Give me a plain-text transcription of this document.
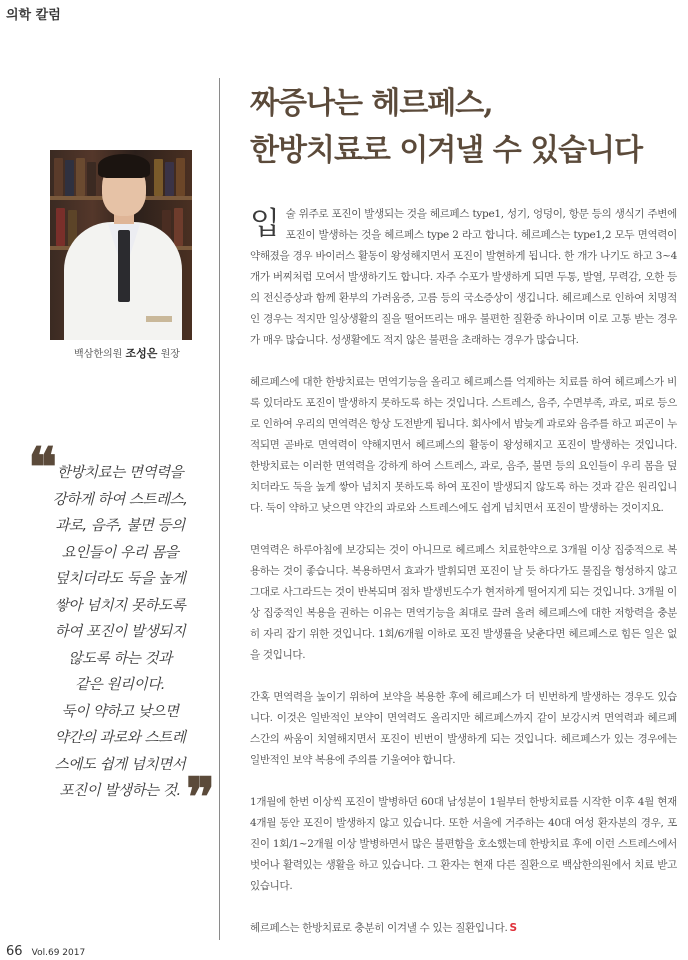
의학 칼럼
짜증나는 헤르페스,
한방치료로 이겨낼 수 있습니다
백삼한의원 조성은 원장
❝ 한방치료는 면역력을
강하게 하여 스트레스,
과로, 음주, 불면 등의
요인들이 우리 몸을
덮치더라도 둑을 높게
쌓아 넘치지 못하도록
하여 포진이 발생되지
않도록 하는 것과
같은 원리이다.
둑이 약하고 낮으면
약간의 과로와 스트레
스에도 쉽게 넘치면서
포진이 발생하는 것. ❞

입술 위주로 포진이 발생되는 것을 헤르페스 type1, 성기, 엉덩이, 항문 등의 생식기 주변에 포진이 발생하는 것을 헤르페스 type 2 라고 합니다. 헤르페스는 type1,2 모두 면역력이 약해졌을 경우 바이러스 활동이 왕성해지면서 포진이 발현하게 됩니다. 한 개가 나기도 하고 3~4개가 버찌처럼 모여서 발생하기도 합니다. 자주 수포가 발생하게 되면 두통, 발열, 무력감, 오한 등의 전신증상과 함께 환부의 가려움증, 고름 등의 국소증상이 생깁니다. 헤르페스로 인하여 치명적인 경우는 적지만 일상생활의 질을 떨어뜨리는 매우 불편한 질환중 하나이며 이로 고통 받는 경우가 매우 많습니다. 성생활에도 적지 않은 불편을 초래하는 경우가 많습니다.

헤르페스에 대한 한방치료는 면역기능을 올리고 헤르페스를 억제하는 치료를 하여 헤르페스가 비록 있더라도 포진이 발생하지 못하도록 하는 것입니다. 스트레스, 음주, 수면부족, 과로, 피로 등으로 인하여 우리의 면역력은 항상 도전받게 됩니다. 회사에서 밤늦게 과로와 음주를 하고 피곤이 누적되면 곧바로 면역력이 약해지면서 헤르페스의 활동이 왕성해지고 포진이 발생하는 것입니다. 한방치료는 이러한 면역력을 강하게 하여 스트레스, 과로, 음주, 불면 등의 요인들이 우리 몸을 덮치더라도 둑을 높게 쌓아 넘치지 못하도록 하여 포진이 발생되지 않도록 하는 것과 같은 원리입니다. 둑이 약하고 낮으면 약간의 과로와 스트레스에도 쉽게 넘치면서 포진이 발생하는 것이지요.

면역력은 하루아침에 보강되는 것이 아니므로 헤르페스 치료한약으로 3개월 이상 집중적으로 복용하는 것이 좋습니다. 복용하면서 효과가 발휘되면 포진이 날 듯 하다가도 물집을 형성하지 않고 그대로 사그라드는 것이 반복되며 점차 발생빈도수가 현저하게 떨어지게 되는 것입니다. 3개월 이상 집중적인 복용을 권하는 이유는 면역기능을 최대로 끌려 올려 헤르페스에 대한 저항력을 충분히 자리 잡기 위한 것입니다. 1회/6개월 이하로 포진 발생률을 낮춘다면 헤르페스로 힘든 일은 없을 것입니다.

간혹 면역력을 높이기 위하여 보약을 복용한 후에 헤르페스가 더 빈번하게 발생하는 경우도 있습니다. 이것은 일반적인 보약이 면역력도 올리지만 헤르페스까지 같이 보강시켜 면역력과 헤르페스간의 싸움이 치열해지면서 포진이 빈번이 발생하게 되는 것입니다. 헤르페스가 있는 경우에는 일반적인 보약 복용에 주의를 기울여야 합니다.

1개월에 한번 이상씩 포진이 발병하던 60대 남성분이 1월부터 한방치료를 시작한 이후 4월 현재 4개월 동안 포진이 발생하지 않고 있습니다. 또한 서울에 거주하는 40대 여성 환자분의 경우, 포진이 1회/1~2개월 이상 발병하면서 많은 불편함을 호소했는데 한방치료 후에 이런 스트레스에서 벗어나 활력있는 생활을 하고 있습니다. 그 환자는 현재 다른 질환으로 백삼한의원에서 치료 받고 있습니다.

헤르페스는 한방치료로 충분히 이겨낼 수 있는 질환입니다. S

66 Vol.69 2017
